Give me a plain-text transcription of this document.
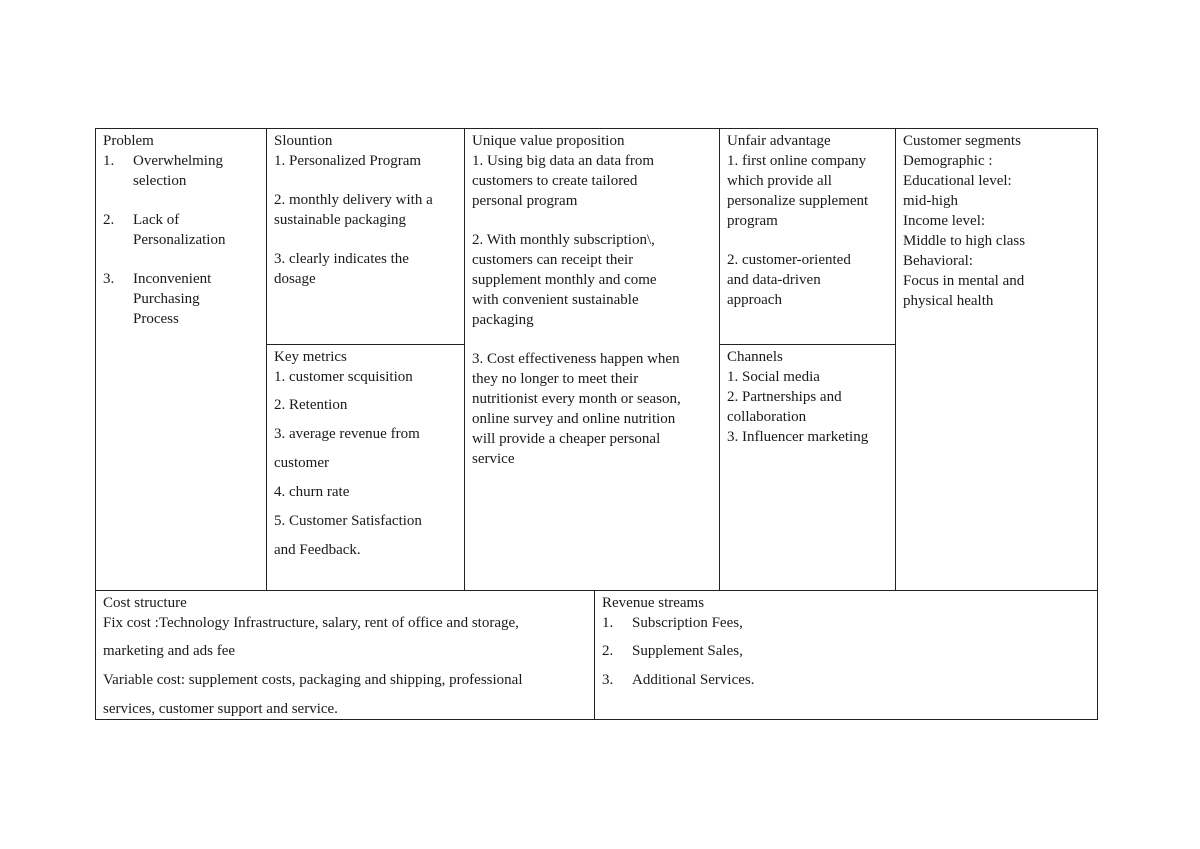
Problem
1. Overwhelming
selection
2. Lack of
Personalization
3. Inconvenient
Purchasing
Process
Slountion
1. Personalized Program
2. monthly delivery with a
sustainable packaging
3. clearly indicates the
dosage
Key metrics
1. customer scquisition
2. Retention
3. average revenue from
customer
4. churn rate
5. Customer Satisfaction
and Feedback.
Unique value proposition
1. Using big data an data from
customers to create tailored
personal program
2. With monthly subscription\,
customers can receipt their
supplement monthly and come
with convenient sustainable
packaging
3. Cost effectiveness happen when
they no longer to meet their
nutritionist every month or season,
online survey and online nutrition
will provide a cheaper personal
service
Unfair advantage
1. first online company
which provide all
personalize supplement
program
2. customer-oriented
and data-driven
approach
Channels
1. Social media
2. Partnerships and
collaboration
3. Influencer marketing
Customer segments
Demographic :
Educational level:
mid-high
Income level:
Middle to high class
Behavioral:
Focus in mental and
physical health
Cost structure
Fix cost :Technology Infrastructure, salary, rent of office and storage,
marketing and ads fee
Variable cost: supplement costs, packaging and shipping, professional
services, customer support and service.
Revenue streams
1. Subscription Fees,
2. Supplement Sales,
3. Additional Services.
